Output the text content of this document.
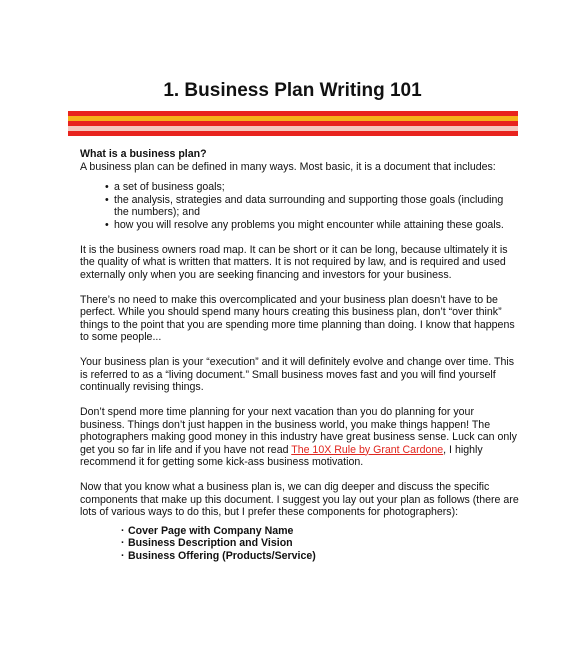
1. Business Plan Writing 101
What is a business plan?
A business plan can be defined in many ways. Most basic, it is a document that includes:
• a set of business goals;
• the analysis, strategies and data surrounding and supporting those goals (including the numbers); and
• how you will resolve any problems you might encounter while attaining these goals.

It is the business owners road map. It can be short or it can be long, because ultimately it is the quality of what is written that matters. It is not required by law, and is required and used externally only when you are seeking financing and investors for your business.

There’s no need to make this overcomplicated and your business plan doesn’t have to be perfect. While you should spend many hours creating this business plan, don’t “over think” things to the point that you are spending more time planning than doing. I know that happens to some people...

Your business plan is your “execution” and it will definitely evolve and change over time. This is referred to as a “living document.” Small business moves fast and you will find yourself continually revising things.

Don’t spend more time planning for your next vacation than you do planning for your business. Things don’t just happen in the business world, you make things happen! The photographers making good money in this industry have great business sense. Luck can only get you so far in life and if you have not read The 10X Rule by Grant Cardone, I highly recommend it for getting some kick-ass business motivation.

Now that you know what a business plan is, we can dig deeper and discuss the specific components that make up this document. I suggest you lay out your plan as follows (there are lots of various ways to do this, but I prefer these components for photographers):

· Cover Page with Company Name
· Business Description and Vision
· Business Offering (Products/Service)
